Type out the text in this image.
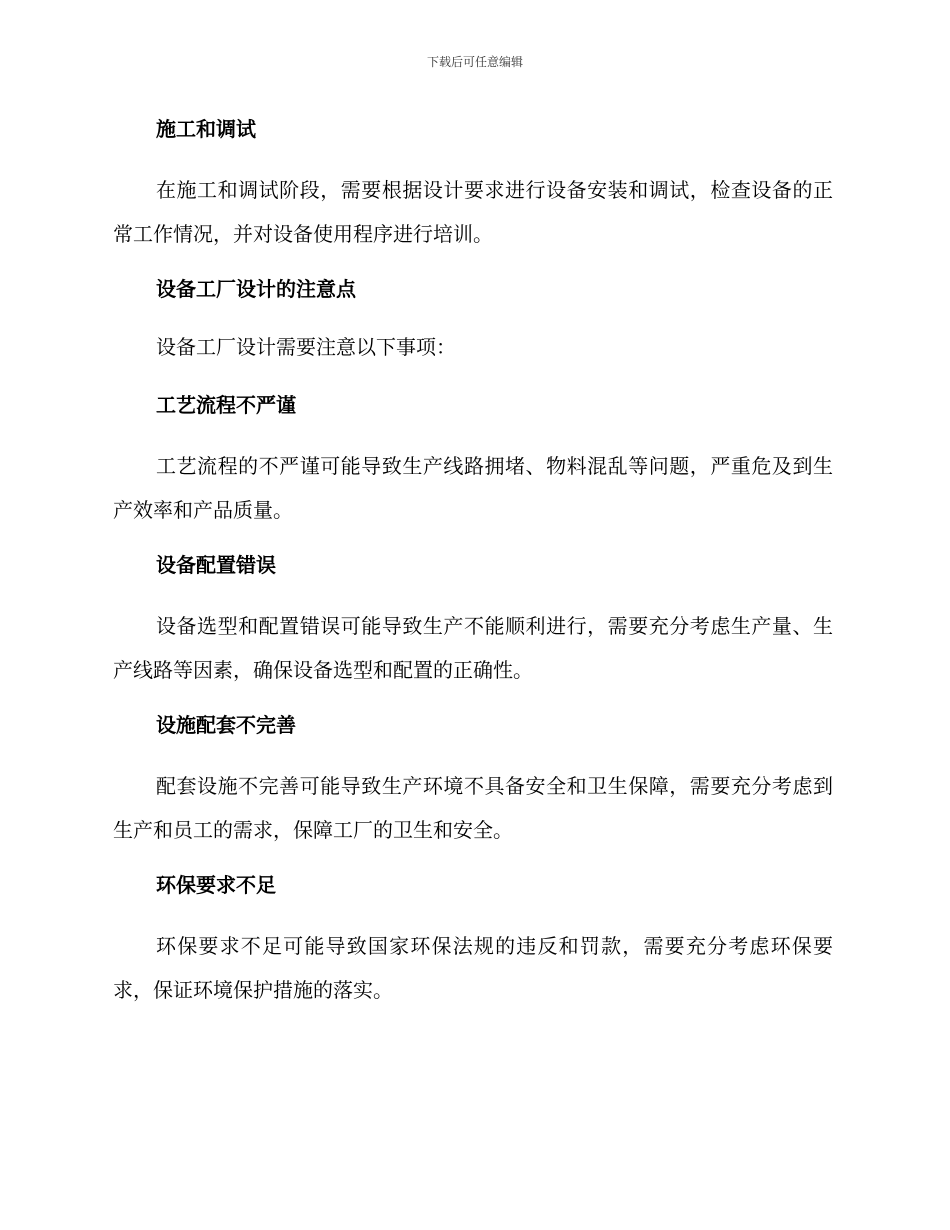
下载后可任意编辑
施工和调试

在施工和调试阶段，需要根据设计要求进行设备安装和调试，检查设备的正常工作情况，并对设备使用程序进行培训。

设备工厂设计的注意点

设备工厂设计需要注意以下事项：

工艺流程不严谨

工艺流程的不严谨可能导致生产线路拥堵、物料混乱等问题，严重危及到生产效率和产品质量。

设备配置错误

设备选型和配置错误可能导致生产不能顺利进行，需要充分考虑生产量、生产线路等因素，确保设备选型和配置的正确性。

设施配套不完善

配套设施不完善可能导致生产环境不具备安全和卫生保障，需要充分考虑到生产和员工的需求，保障工厂的卫生和安全。

环保要求不足

环保要求不足可能导致国家环保法规的违反和罚款，需要充分考虑环保要求，保证环境保护措施的落实。
